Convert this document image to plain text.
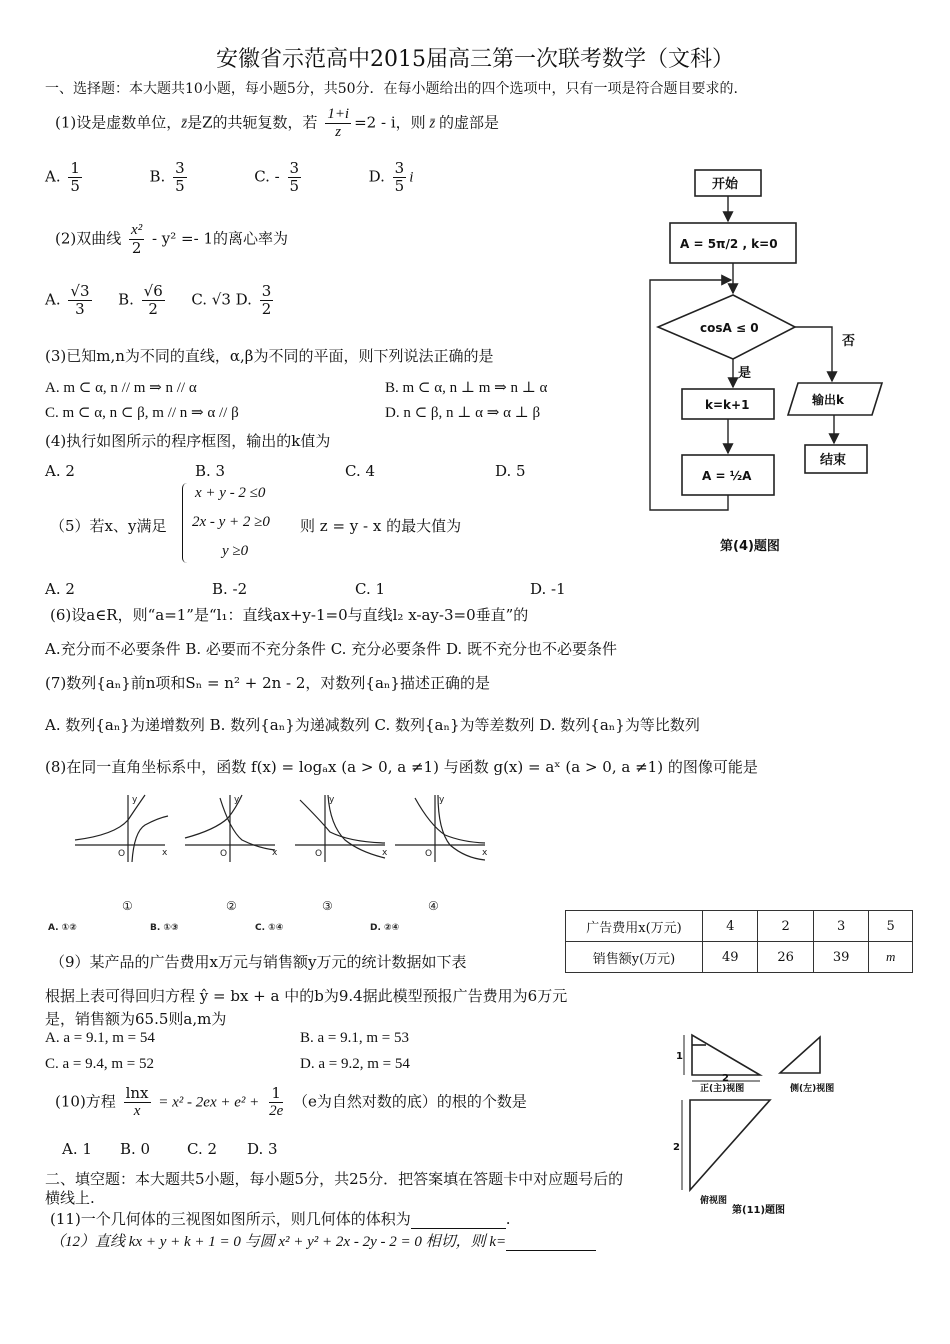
安徽省示范高中2015届高三第一次联考数学（文科）
一、选择题：本大题共10小题，每小题5分，共50分．在每小题给出的四个选项中，只有一项是符合题目要求的.
(1)设是虚数单位，z̄是Z的共轭复数，若 $\frac{1+i}{z} =2 - i$，则 z̄ 的虚部是
A. $\frac{1}{5}$	B. $\frac{3}{5}$	C. - $\frac{3}{5}$	D. $\frac{3}{5}$ i
(2)双曲线 $\frac{\text{x²}}{2} - y^2 =- 1$的离心率为
A. $\frac{√3}{3} B$. $\frac{√6}{2} C$. √3 D. $\frac{3}{2}$
(3)已知m,n为不同的直线，α,β为不同的平面，则下列说法正确的是
A. m ⊂ α, n // m ⇒ n // α	B. m ⊂ α, n ⊥ m ⇒ n ⊥ α
C. m ⊂ α, n ⊂ β, m // n ⇒ α // β	D. n ⊂ β, n ⊥ α ⇒ α ⊥ β
(4)执行如图所示的程序框图，输出的k值为
A. 2	B. 3	C. 4	D. 5
（5）若x、y满足
x + y - 2 ≤0
2x - y + 2 ≥0
y ≥0
则 z = y - x 的最大值为
A. 2	B. -2	C. 1	D. -1
(6)设a∈R，则“a=1”是“l₁：直线ax+y-1=0与直线l₂ x-ay-3=0垂直”的
A.充分而不必要条件 B. 必要而不充分条件 C. 充分必要条件 D. 既不充分也不必要条件
(7)数列{aₙ}前n项和Sₙ = n² + 2n - 2，对数列{aₙ}描述正确的是
A. 数列{aₙ}为递增数列 B. 数列{aₙ}为递减数列 C. 数列{aₙ}为等差数列 D. 数列{aₙ}为等比数列
(8)在同一直角坐标系中，函数 f(x) = logₐx (a > 0, a ≠1) 与函数 g(x) = aˣ (a > 0, a ≠1) 的图像可能是
y
x
O
y
x
O
y
x
O
y
x
O
①	②	③	④
A. ①②	B. ①③	C. ①④	D. ②④	广告费用x(万元)	4	2	3	5
销售额y(万元)	49	26	39	m
（9）某产品的广告费用x万元与销售额y万元的统计数据如下表
根据上表可得回归方程 ŷ = bx + a 中的b为9.4据此模型预报广告费用为6万元
是，销售额为65.5则a,m为
A. a = 9.1, m = 54	B. a = 9.1, m = 53
C. a = 9.4, m = 52	D. a = 9.2, m = 54
(10)方程 $\frac{\ln x}{x} = x^2 - 2ex + e^2 + \frac{1}{2e} (e$为自然对数的底）的根的个数是
A. 1 B. 0 C. 2 D. 3
二、填空题：本大题共5小题，每小题5分，共25分．把答案填在答题卡中对应题号后的
横线上.
(11)一个几何体的三视图如图所示，则几何体的体积为	.
（12）直线 kx + y + k + 1 = 0 与圆 x² + y² + 2x - 2y - 2 = 0 相切，则 k=
开始
A = 5π/2 , k=0
cosA ≤ 0
否
是
k=k+1
A = ½A
输出k
结束
第(4)题图
1
2
2
正(主)视图	侧(左)视图
俯视图
第(11)题图
